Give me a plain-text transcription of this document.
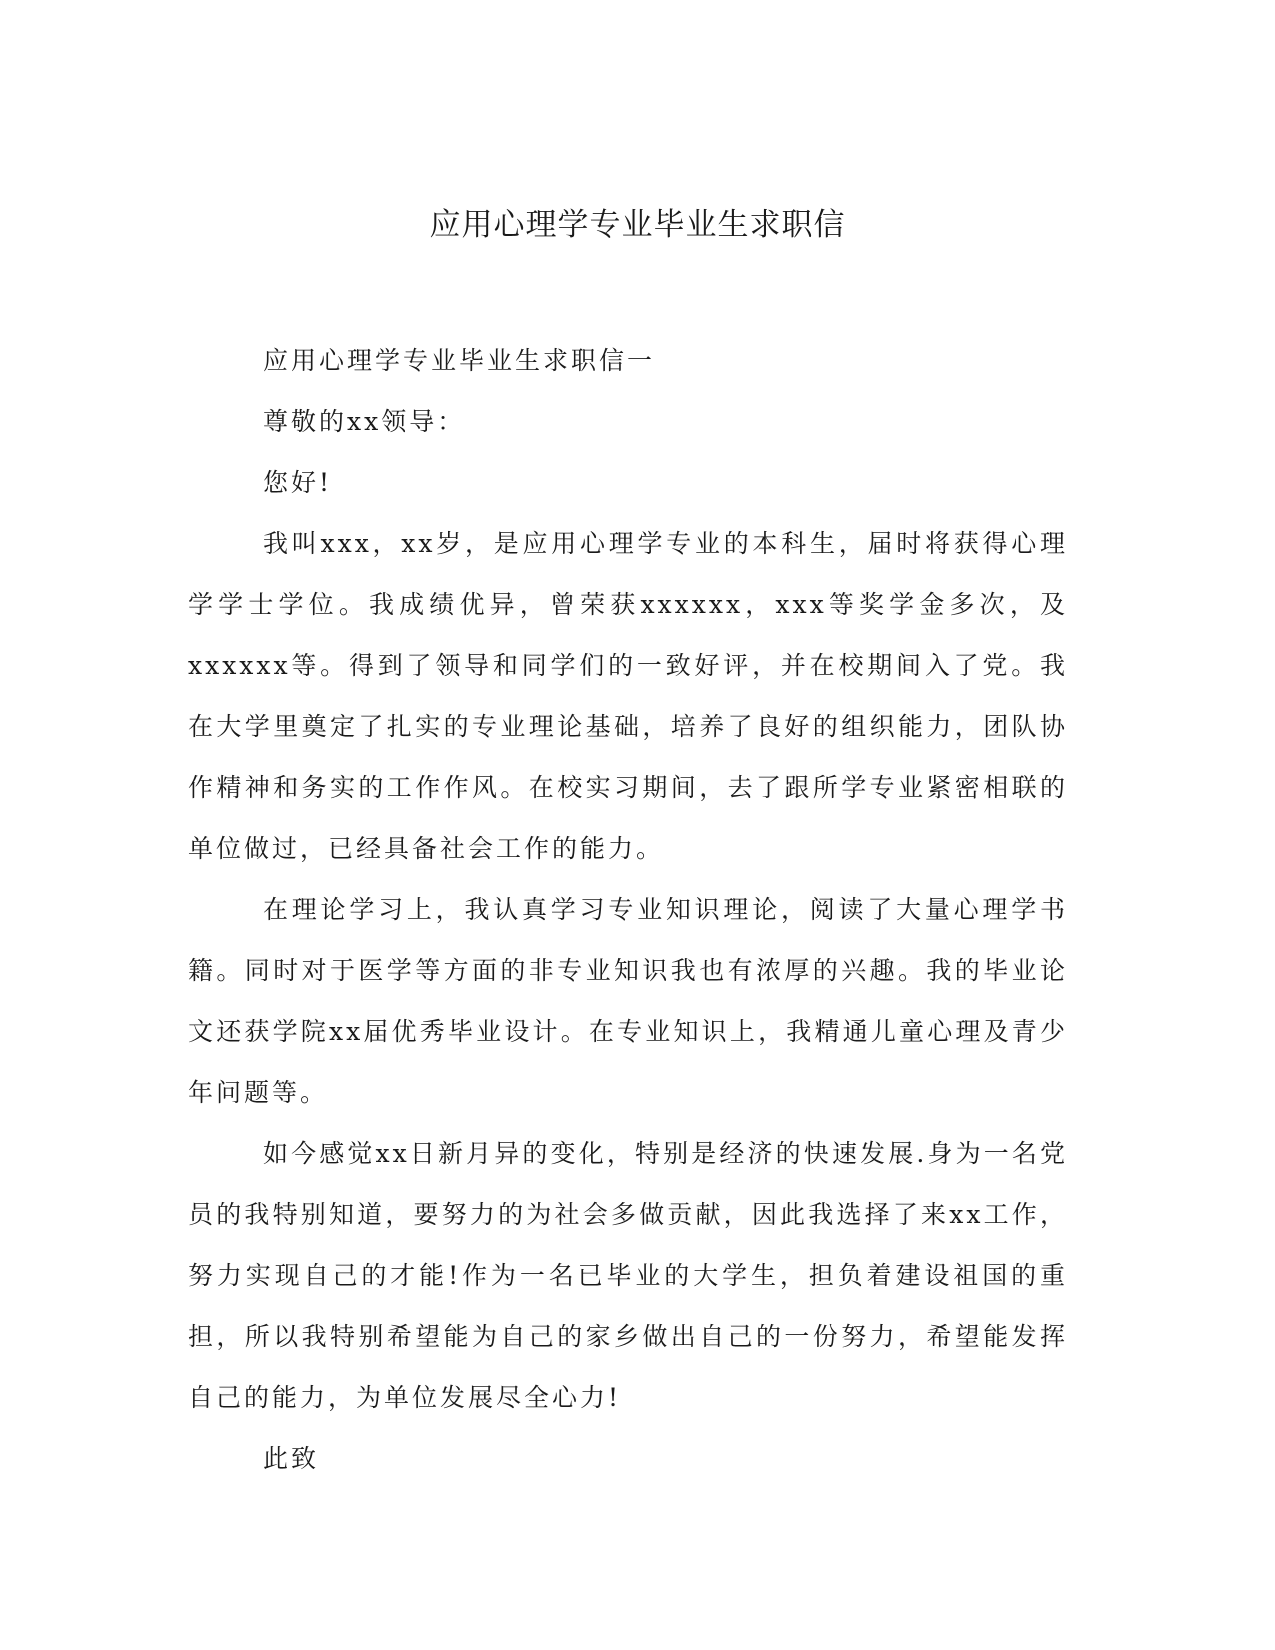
应用心理学专业毕业生求职信

应用心理学专业毕业生求职信一

尊敬的xx领导：

您好!

我叫xxx，xx岁，是应用心理学专业的本科生，届时将获得心理学学士学位。我成绩优异，曾荣获xxxxxx，xxx等奖学金多次，及xxxxxx等。得到了领导和同学们的一致好评，并在校期间入了党。我在大学里奠定了扎实的专业理论基础，培养了良好的组织能力，团队协作精神和务实的工作作风。在校实习期间，去了跟所学专业紧密相联的单位做过，已经具备社会工作的能力。

在理论学习上，我认真学习专业知识理论，阅读了大量心理学书籍。同时对于医学等方面的非专业知识我也有浓厚的兴趣。我的毕业论文还获学院xx届优秀毕业设计。在专业知识上，我精通儿童心理及青少年问题等。

如今感觉xx日新月异的变化，特别是经济的快速发展.身为一名党员的我特别知道，要努力的为社会多做贡献，因此我选择了来xx工作，努力实现自己的才能!作为一名已毕业的大学生，担负着建设祖国的重担，所以我特别希望能为自己的家乡做出自己的一份努力，希望能发挥自己的能力，为单位发展尽全心力!

此致
